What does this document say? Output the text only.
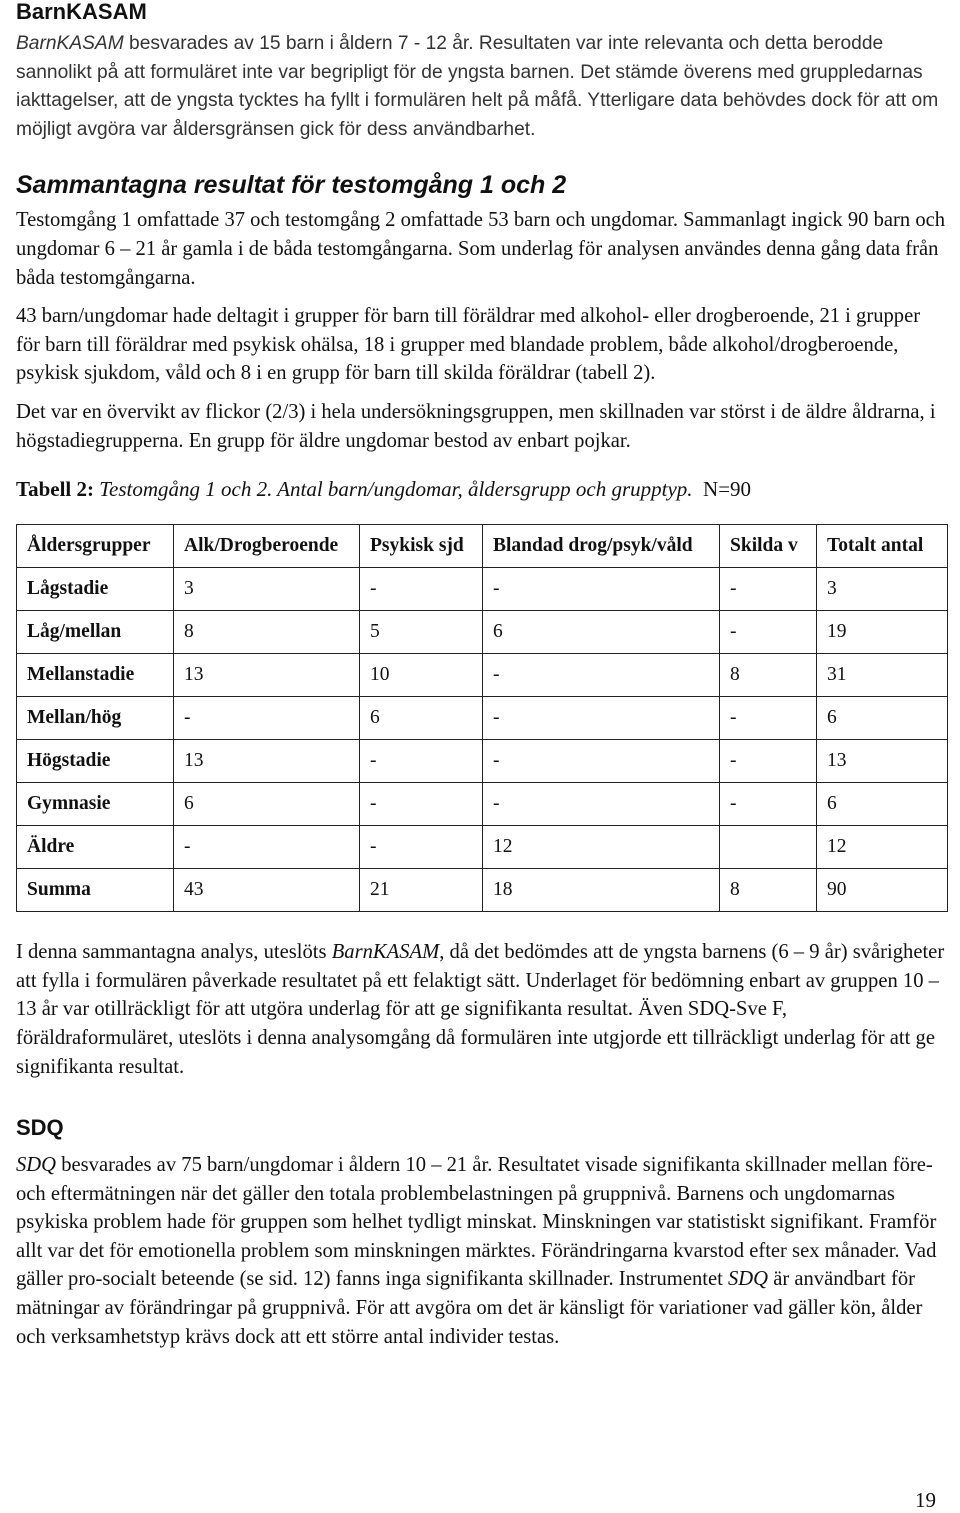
BarnKASAM

BarnKASAM besvarades av 15 barn i åldern 7 - 12 år. Resultaten var inte relevanta och detta berodde sannolikt på att formuläret inte var begripligt för de yngsta barnen. Det stämde överens med gruppledarnas iakttagelser, att de yngsta tycktes ha fyllt i formulären helt på måfå. Ytterligare data behövdes dock för att om möjligt avgöra var åldersgränsen gick för dess användbarhet.

Sammantagna resultat för testomgång 1 och 2

Testomgång 1 omfattade 37 och testomgång 2 omfattade 53 barn och ungdomar. Sammanlagt ingick 90 barn och ungdomar 6 – 21 år gamla i de båda testomgångarna. Som underlag för analysen användes denna gång data från båda testomgångarna.

43 barn/ungdomar hade deltagit i grupper för barn till föräldrar med alkohol- eller drogberoende, 21 i grupper för barn till föräldrar med psykisk ohälsa, 18 i grupper med blandade problem, både alkohol/drogberoende, psykisk sjukdom, våld och 8 i en grupp för barn till skilda föräldrar (tabell 2).

Det var en övervikt av flickor (2/3) i hela undersökningsgruppen, men skillnaden var störst i de äldre åldrarna, i högstadiegrupperna. En grupp för äldre ungdomar bestod av enbart pojkar.

Tabell 2: Testomgång 1 och 2. Antal barn/ungdomar, åldersgrupp och grupptyp. N=90

Åldersgrupper	Alk/Drogberoende	Psykisk sjd	Blandad drog/psyk/våld	Skilda v	Totalt antal
Lågstadie	3	-	-	-	3
Låg/mellan	8	5	6	-	19
Mellanstadie	13	10	-	8	31
Mellan/hög	-	6	-	-	6
Högstadie	13	-	-	-	13
Gymnasie	6	-	-	-	6
Äldre	-	-	12		12
Summa	43	21	18	8	90

I denna sammantagna analys, uteslöts BarnKASAM, då det bedömdes att de yngsta barnens (6 – 9 år) svårigheter att fylla i formulären påverkade resultatet på ett felaktigt sätt. Underlaget för bedömning enbart av gruppen 10 – 13 år var otillräckligt för att utgöra underlag för att ge signifikanta resultat. Även SDQ-Sve F, föräldraformuläret, uteslöts i denna analysomgång då formulären inte utgjorde ett tillräckligt underlag för att ge signifikanta resultat.

SDQ

SDQ besvarades av 75 barn/ungdomar i åldern 10 – 21 år. Resultatet visade signifikanta skillnader mellan före- och eftermätningen när det gäller den totala problembelastningen på gruppnivå. Barnens och ungdomarnas psykiska problem hade för gruppen som helhet tydligt minskat. Minskningen var statistiskt signifikant. Framför allt var det för emotionella problem som minskningen märktes. Förändringarna kvarstod efter sex månader. Vad gäller pro-socialt beteende (se sid. 12) fanns inga signifikanta skillnader. Instrumentet SDQ är användbart för mätningar av förändringar på gruppnivå. För att avgöra om det är känsligt för variationer vad gäller kön, ålder och verksamhetstyp krävs dock att ett större antal individer testas.

19
